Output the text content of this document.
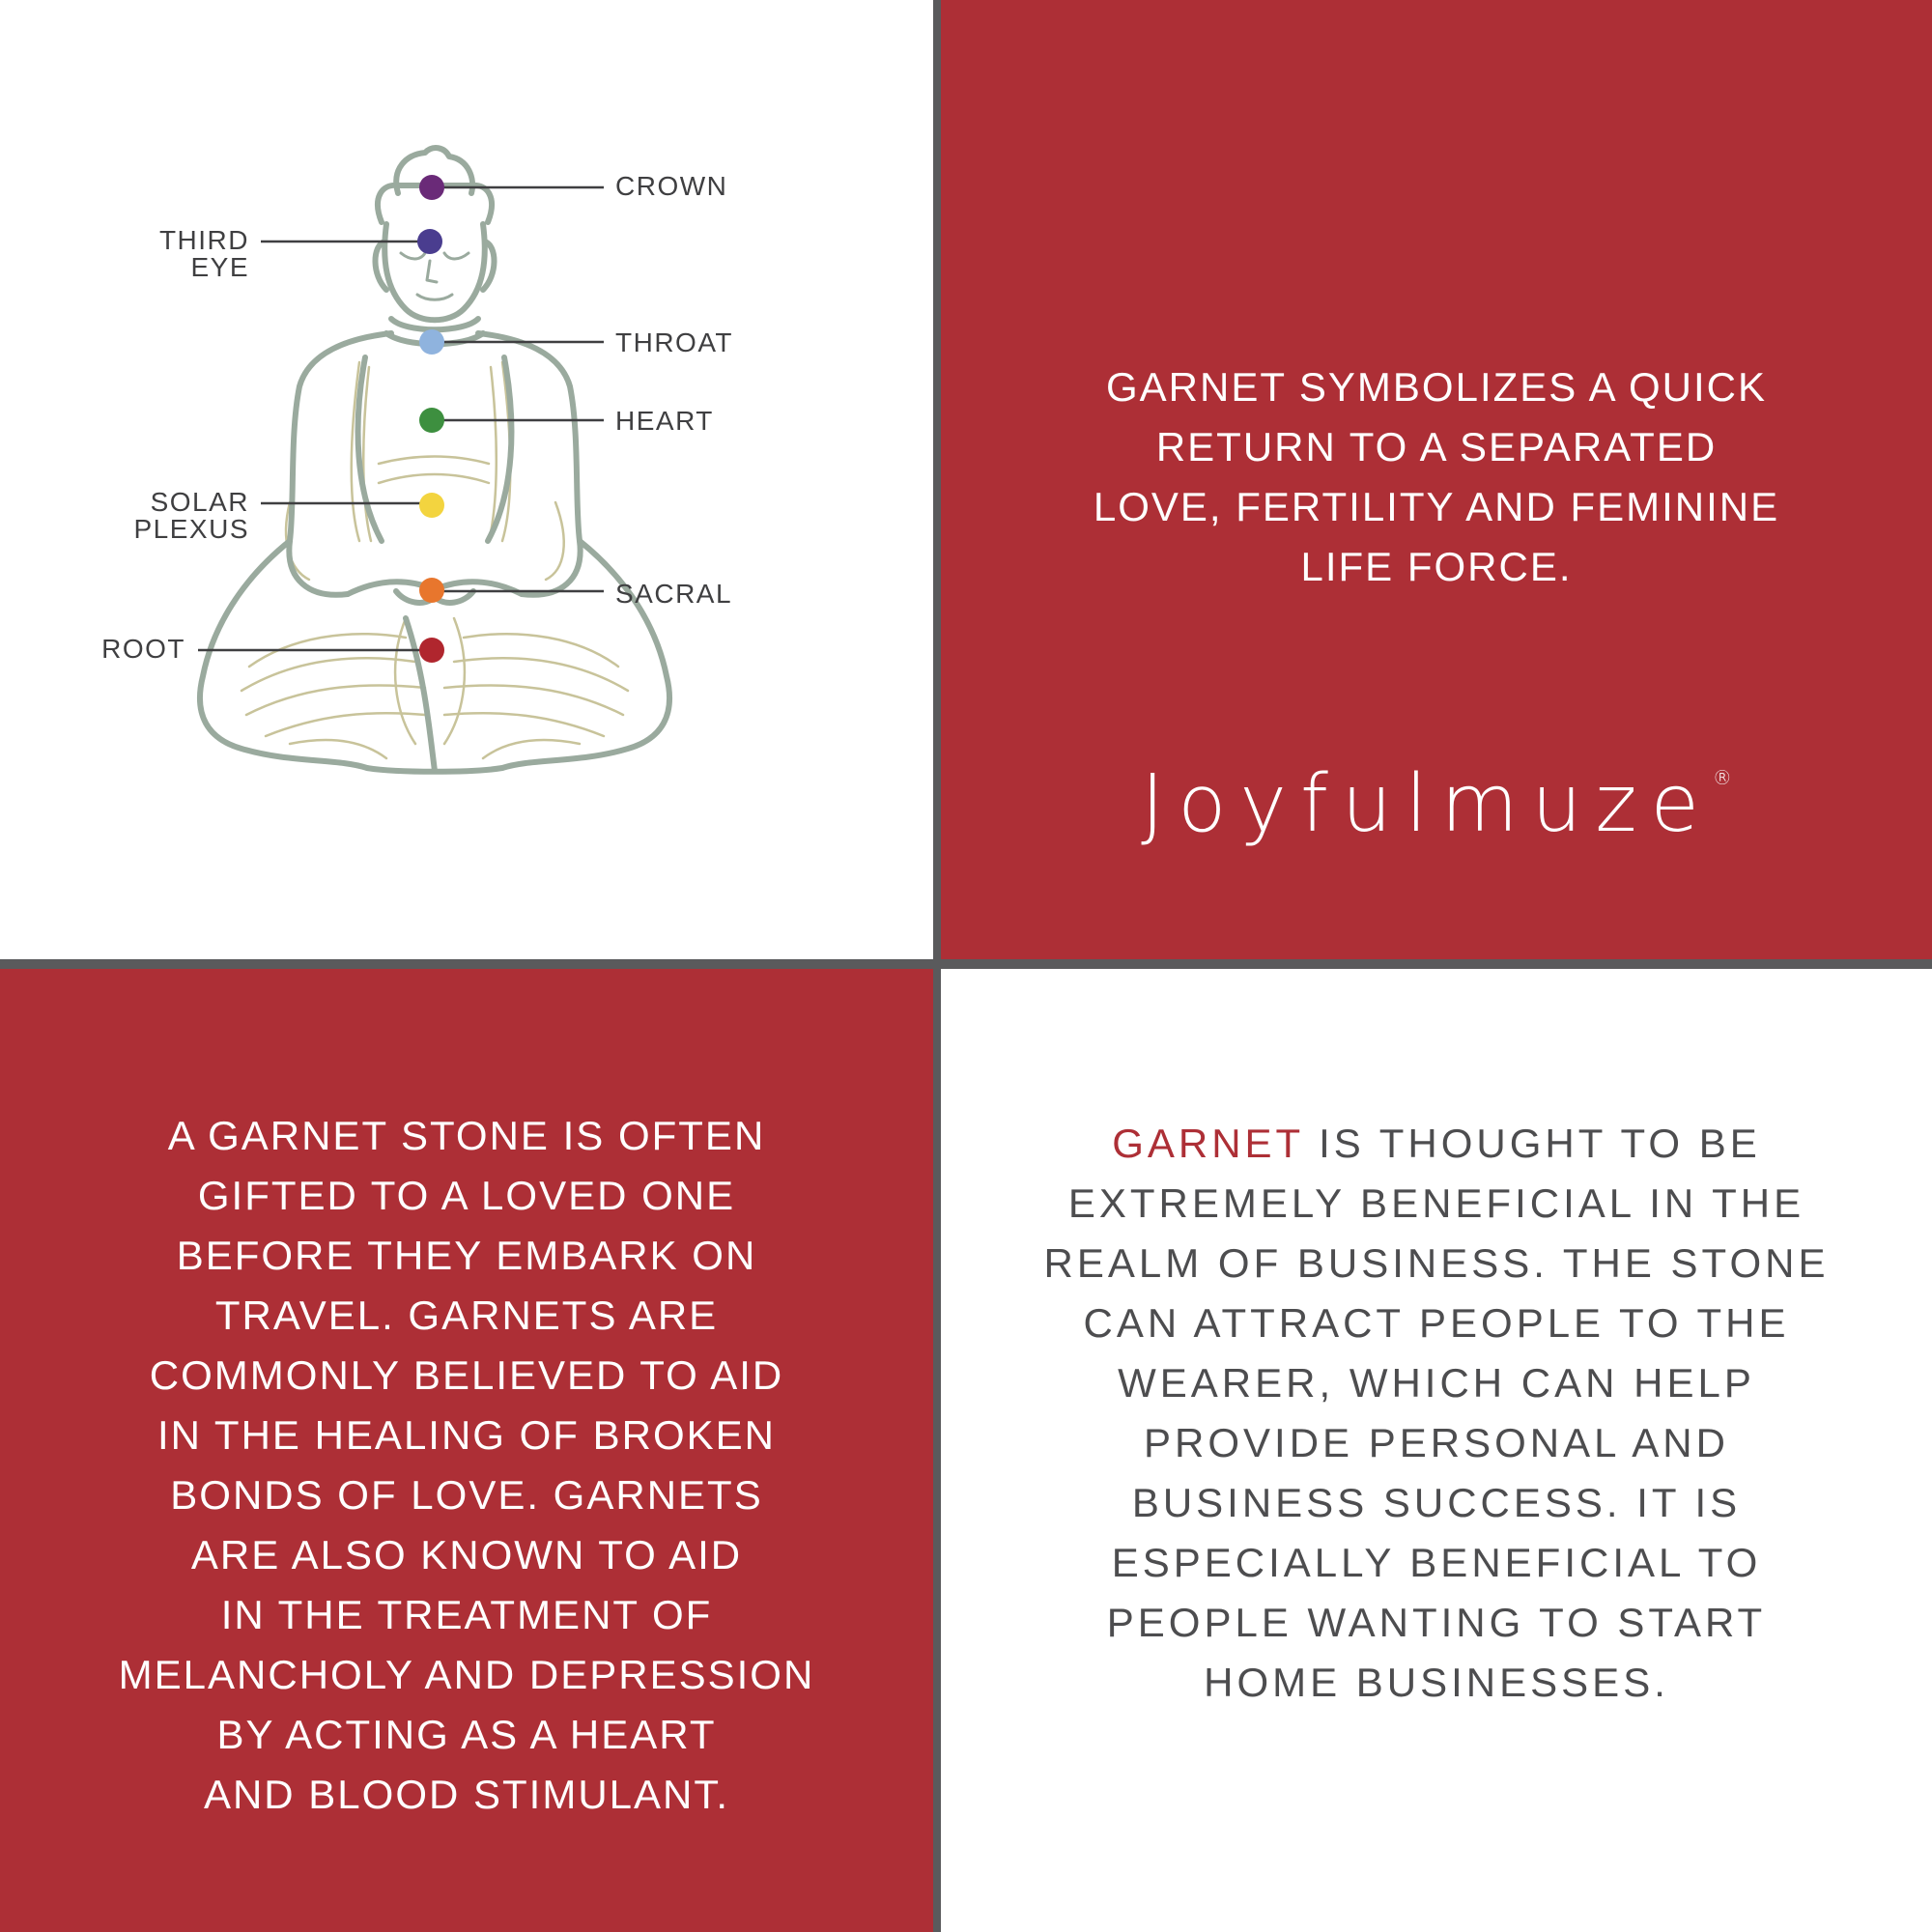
CROWN
THIRD
EYE
THROAT
HEART
SOLAR
PLEXUS
SACRAL
ROOT

GARNET SYMBOLIZES A QUICK
RETURN TO A SEPARATED
LOVE, FERTILITY AND FEMININE
LIFE FORCE.

Joyfulmuze®

A GARNET STONE IS OFTEN
GIFTED TO A LOVED ONE
BEFORE THEY EMBARK ON
TRAVEL. GARNETS ARE
COMMONLY BELIEVED TO AID
IN THE HEALING OF BROKEN
BONDS OF LOVE. GARNETS
ARE ALSO KNOWN TO AID
IN THE TREATMENT OF
MELANCHOLY AND DEPRESSION
BY ACTING AS A HEART
AND BLOOD STIMULANT.

GARNET IS THOUGHT TO BE
EXTREMELY BENEFICIAL IN THE
REALM OF BUSINESS. THE STONE
CAN ATTRACT PEOPLE TO THE
WEARER, WHICH CAN HELP
PROVIDE PERSONAL AND
BUSINESS SUCCESS. IT IS
ESPECIALLY BENEFICIAL TO
PEOPLE WANTING TO START
HOME BUSINESSES.
